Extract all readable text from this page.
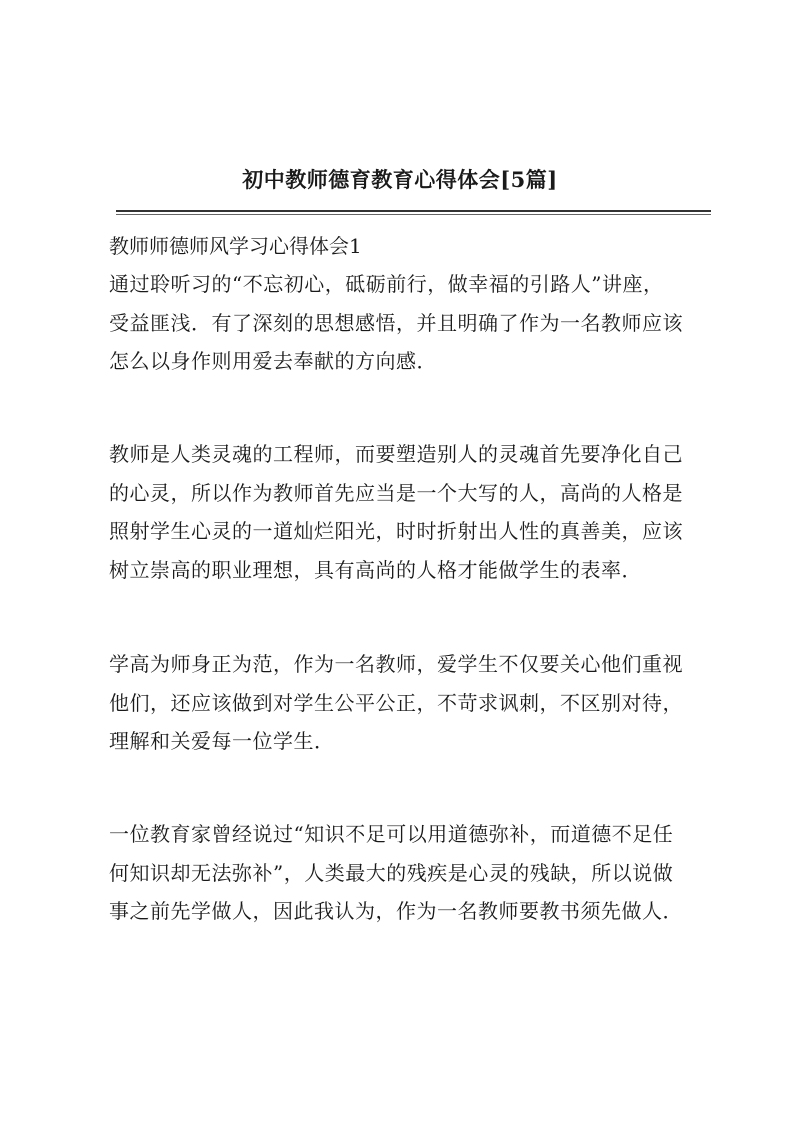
初中教师德育教育心得体会[5篇]
教师师德师风学习心得体会1
通过聆听习的“不忘初心，砥砺前行，做幸福的引路人”讲座，
受益匪浅．有了深刻的思想感悟，并且明确了作为一名教师应该
怎么以身作则用爱去奉献的方向感．
教师是人类灵魂的工程师，而要塑造别人的灵魂首先要净化自己
的心灵，所以作为教师首先应当是一个大写的人，高尚的人格是
照射学生心灵的一道灿烂阳光，时时折射出人性的真善美，应该
树立崇高的职业理想，具有高尚的人格才能做学生的表率．
学高为师身正为范，作为一名教师，爱学生不仅要关心他们重视
他们，还应该做到对学生公平公正，不苛求讽刺，不区别对待，
理解和关爱每一位学生．
一位教育家曾经说过“知识不足可以用道德弥补，而道德不足任
何知识却无法弥补”，人类最大的残疾是心灵的残缺，所以说做
事之前先学做人，因此我认为，作为一名教师要教书须先做人．
